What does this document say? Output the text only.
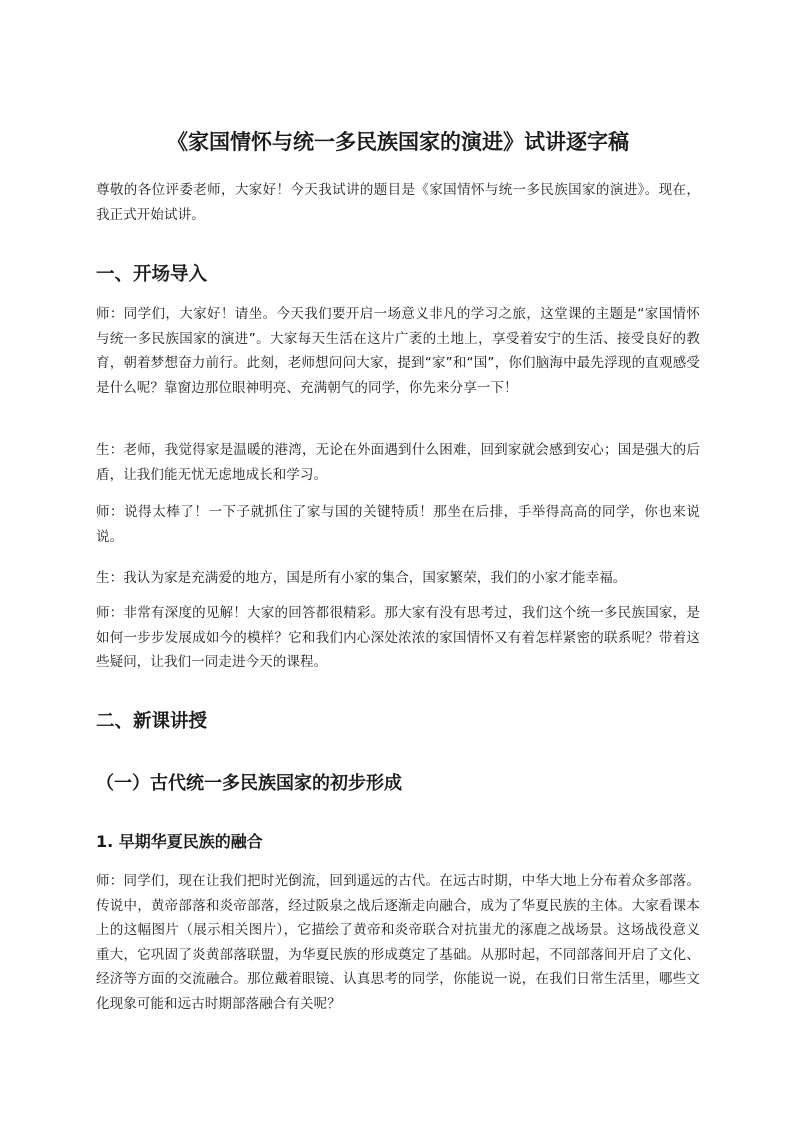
《家国情怀与统一多民族国家的演进》试讲逐字稿

尊敬的各位评委老师，大家好！今天我试讲的题目是《家国情怀与统一多民族国家的演进》。现在，我正式开始试讲。

一、开场导入

师：同学们，大家好！请坐。今天我们要开启一场意义非凡的学习之旅，这堂课的主题是“家国情怀与统一多民族国家的演进”。大家每天生活在这片广袤的土地上，享受着安宁的生活、接受良好的教育，朝着梦想奋力前行。此刻，老师想问问大家，提到“家”和“国”，你们脑海中最先浮现的直观感受是什么呢？靠窗边那位眼神明亮、充满朝气的同学，你先来分享一下！

生：老师，我觉得家是温暖的港湾，无论在外面遇到什么困难，回到家就会感到安心；国是强大的后盾，让我们能无忧无虑地成长和学习。

师：说得太棒了！一下子就抓住了家与国的关键特质！那坐在后排，手举得高高的同学，你也来说说。

生：我认为家是充满爱的地方，国是所有小家的集合，国家繁荣，我们的小家才能幸福。

师：非常有深度的见解！大家的回答都很精彩。那大家有没有思考过，我们这个统一多民族国家，是如何一步步发展成如今的模样？它和我们内心深处浓浓的家国情怀又有着怎样紧密的联系呢？带着这些疑问，让我们一同走进今天的课程。

二、新课讲授
（一）古代统一多民族国家的初步形成
1. 早期华夏民族的融合

师：同学们，现在让我们把时光倒流，回到遥远的古代。在远古时期，中华大地上分布着众多部落。传说中，黄帝部落和炎帝部落，经过阪泉之战后逐渐走向融合，成为了华夏民族的主体。大家看课本上的这幅图片（展示相关图片），它描绘了黄帝和炎帝联合对抗蚩尤的涿鹿之战场景。这场战役意义重大，它巩固了炎黄部落联盟，为华夏民族的形成奠定了基础。从那时起，不同部落间开启了文化、经济等方面的交流融合。那位戴着眼镜、认真思考的同学，你能说一说，在我们日常生活里，哪些文化现象可能和远古时期部落融合有关呢？
